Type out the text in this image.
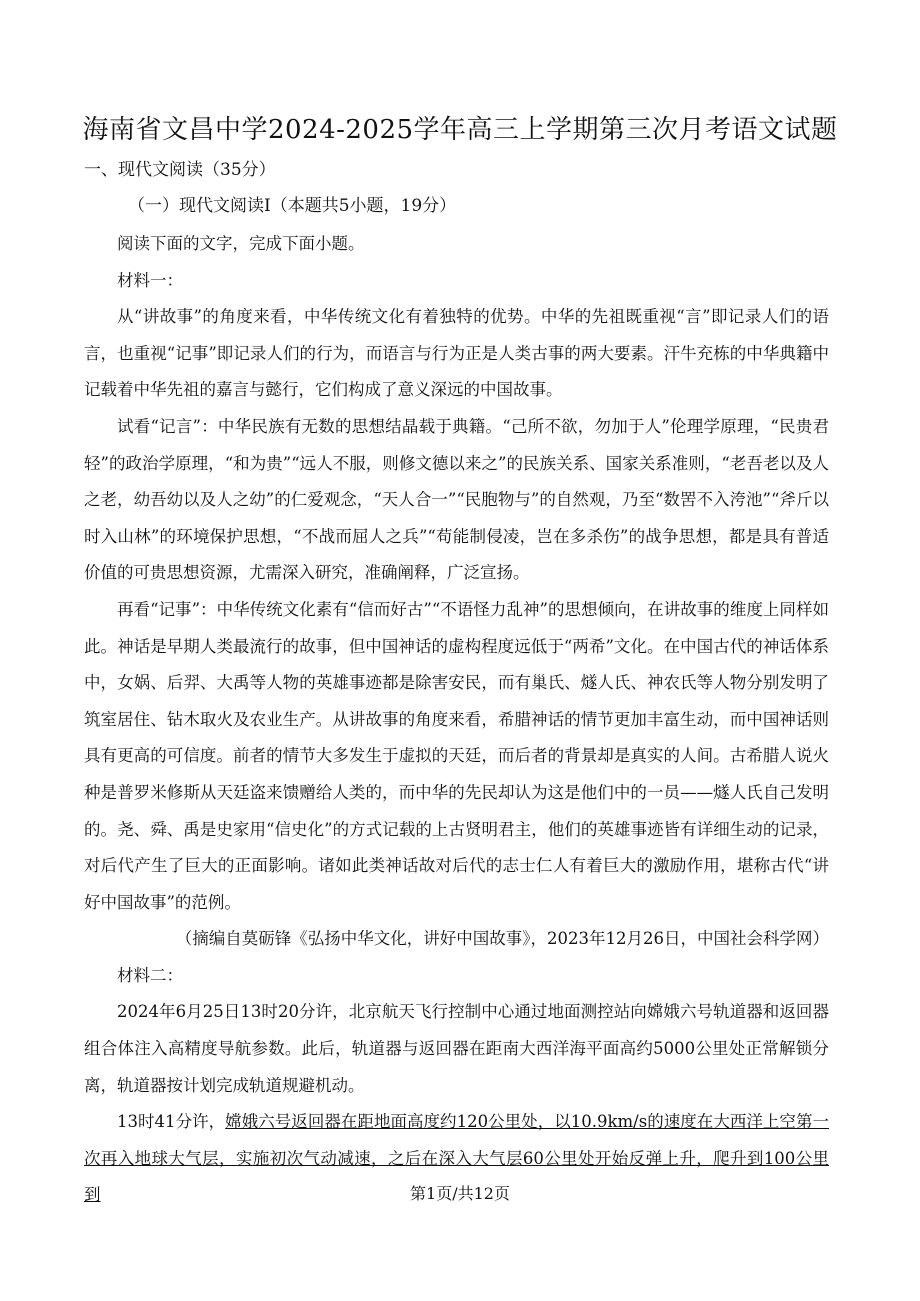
海南省文昌中学2024-2025学年高三上学期第三次月考语文试题
一、现代文阅读（35分）
（一）现代文阅读Ⅰ（本题共5小题，19分）

阅读下面的文字，完成下面小题。

材料一：

从“讲故事”的角度来看，中华传统文化有着独特的优势。中华的先祖既重视“言”即记录人们的语言，也重视“记事”即记录人们的行为，而语言与行为正是人类古事的两大要素。汗牛充栋的中华典籍中记载着中华先祖的嘉言与懿行，它们构成了意义深远的中国故事。

试看“记言”：中华民族有无数的思想结晶载于典籍。“己所不欲，勿加于人”伦理学原理，“民贵君轻”的政治学原理，“和为贵”“远人不服，则修文德以来之”的民族关系、国家关系准则，“老吾老以及人之老，幼吾幼以及人之幼”的仁爱观念，“天人合一”“民胞物与”的自然观，乃至“数罟不入洿池”“斧斤以时入山林”的环境保护思想，“不战而屈人之兵”“苟能制侵凌，岂在多杀伤”的战争思想，都是具有普适价值的可贵思想资源，尤需深入研究，准确阐释，广泛宣扬。

再看“记事”：中华传统文化素有“信而好古”“不语怪力乱神”的思想倾向，在讲故事的维度上同样如此。神话是早期人类最流行的故事，但中国神话的虚构程度远低于“两希”文化。在中国古代的神话体系中，女娲、后羿、大禹等人物的英雄事迹都是除害安民，而有巢氏、燧人氏、神农氏等人物分别发明了筑室居住、钻木取火及农业生产。从讲故事的角度来看，希腊神话的情节更加丰富生动，而中国神话则具有更高的可信度。前者的情节大多发生于虚拟的天廷，而后者的背景却是真实的人间。古希腊人说火种是普罗米修斯从天廷盗来馈赠给人类的，而中华的先民却认为这是他们中的一员——燧人氏自己发明的。尧、舜、禹是史家用“信史化”的方式记载的上古贤明君主，他们的英雄事迹皆有详细生动的记录，对后代产生了巨大的正面影响。诸如此类神话故对后代的志士仁人有着巨大的激励作用，堪称古代“讲好中国故事”的范例。

（摘编自莫砺锋《弘扬中华文化，讲好中国故事》，2023年12月26日，中国社会科学网）

材料二：

2024年6月25日13时20分许，北京航天飞行控制中心通过地面测控站向嫦娥六号轨道器和返回器组合体注入高精度导航参数。此后，轨道器与返回器在距南大西洋海平面高约5000公里处正常解锁分离，轨道器按计划完成轨道规避机动。

13时41分许，嫦娥六号返回器在距地面高度约120公里处，以10.9km/s的速度在大西洋上空第一次再入地球大气层，实施初次气动减速，之后在深入大气层60公里处开始反弹上升，爬升到100公里到	第1页/共12页
